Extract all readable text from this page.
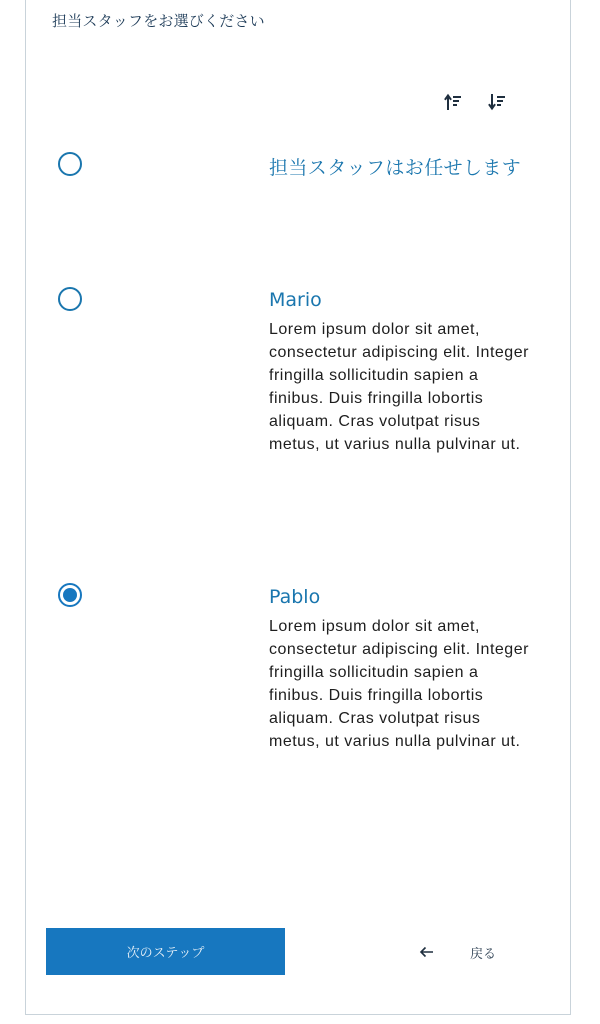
担当スタッフをお選びください
担当スタッフはお任せします
Mario
Lorem ipsum dolor sit amet, consectetur adipiscing elit. Integer fringilla sollicitudin sapien a finibus. Duis fringilla lobortis aliquam. Cras volutpat risus metus, ut varius nulla pulvinar ut.
Pablo
Lorem ipsum dolor sit amet, consectetur adipiscing elit. Integer fringilla sollicitudin sapien a finibus. Duis fringilla lobortis aliquam. Cras volutpat risus metus, ut varius nulla pulvinar ut.
次のステップ	戻る
